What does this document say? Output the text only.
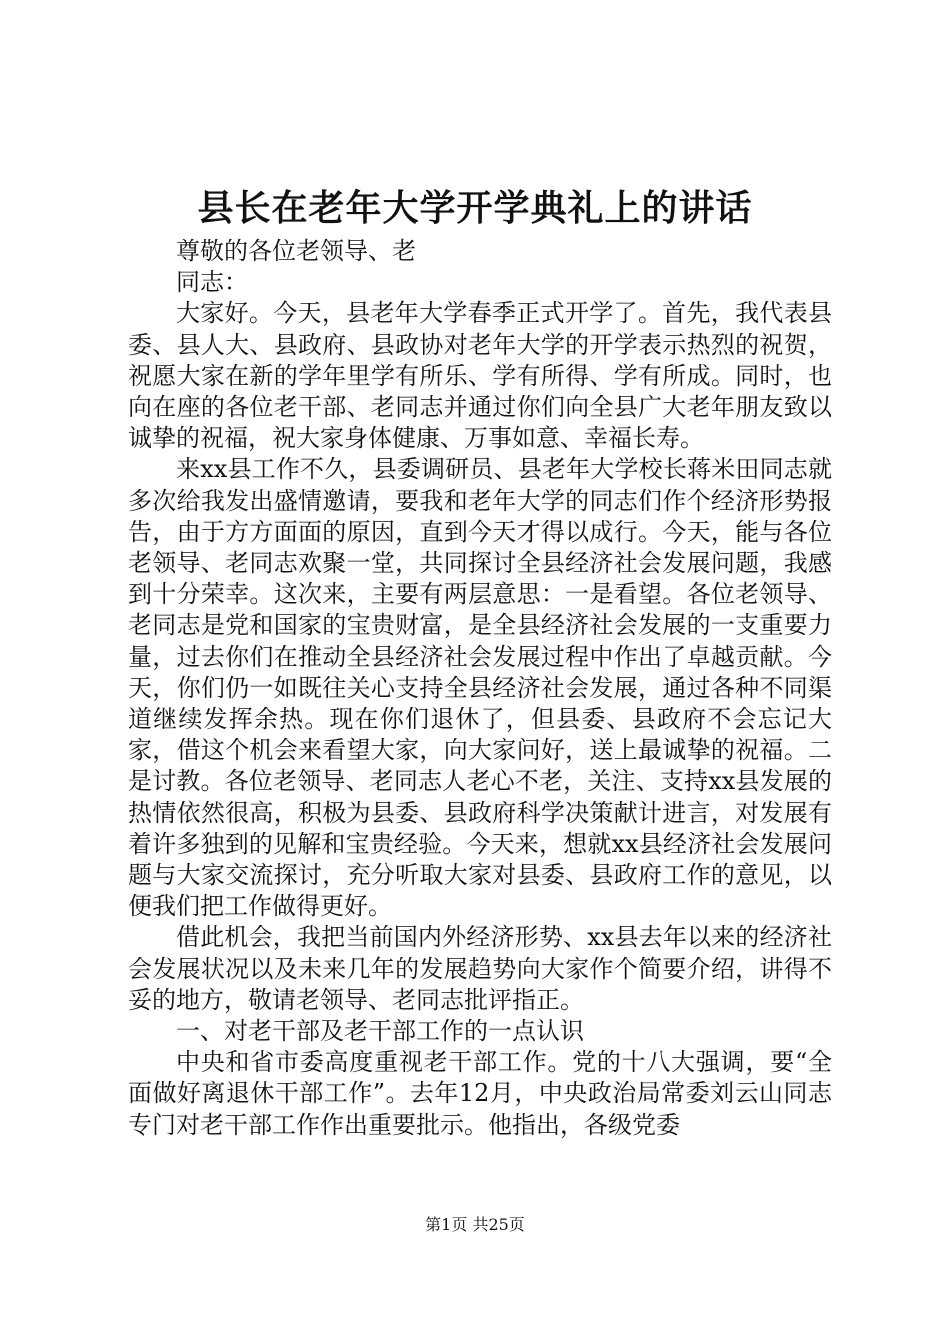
县长在老年大学开学典礼上的讲话

尊敬的各位老领导、老

同志：

大家好。今天，县老年大学春季正式开学了。首先，我代表县委、县人大、县政府、县政协对老年大学的开学表示热烈的祝贺，祝愿大家在新的学年里学有所乐、学有所得、学有所成。同时，也向在座的各位老干部、老同志并通过你们向全县广大老年朋友致以诚挚的祝福，祝大家身体健康、万事如意、幸福长寿。

来xx县工作不久，县委调研员、县老年大学校长蒋米田同志就多次给我发出盛情邀请，要我和老年大学的同志们作个经济形势报告，由于方方面面的原因，直到今天才得以成行。今天，能与各位老领导、老同志欢聚一堂，共同探讨全县经济社会发展问题，我感到十分荣幸。这次来，主要有两层意思：一是看望。各位老领导、老同志是党和国家的宝贵财富，是全县经济社会发展的一支重要力量，过去你们在推动全县经济社会发展过程中作出了卓越贡献。今天，你们仍一如既往关心支持全县经济社会发展，通过各种不同渠道继续发挥余热。现在你们退休了，但县委、县政府不会忘记大家，借这个机会来看望大家，向大家问好，送上最诚挚的祝福。二是讨教。各位老领导、老同志人老心不老，关注、支持xx县发展的热情依然很高，积极为县委、县政府科学决策献计进言，对发展有着许多独到的见解和宝贵经验。今天来，想就xx县经济社会发展问题与大家交流探讨，充分听取大家对县委、县政府工作的意见，以便我们把工作做得更好。

借此机会，我把当前国内外经济形势、xx县去年以来的经济社会发展状况以及未来几年的发展趋势向大家作个简要介绍，讲得不妥的地方，敬请老领导、老同志批评指正。

一、对老干部及老干部工作的一点认识

中央和省市委高度重视老干部工作。党的十八大强调，要“全面做好离退休干部工作”。去年12月，中央政治局常委刘云山同志专门对老干部工作作出重要批示。他指出，各级党委

第1页 共25页
